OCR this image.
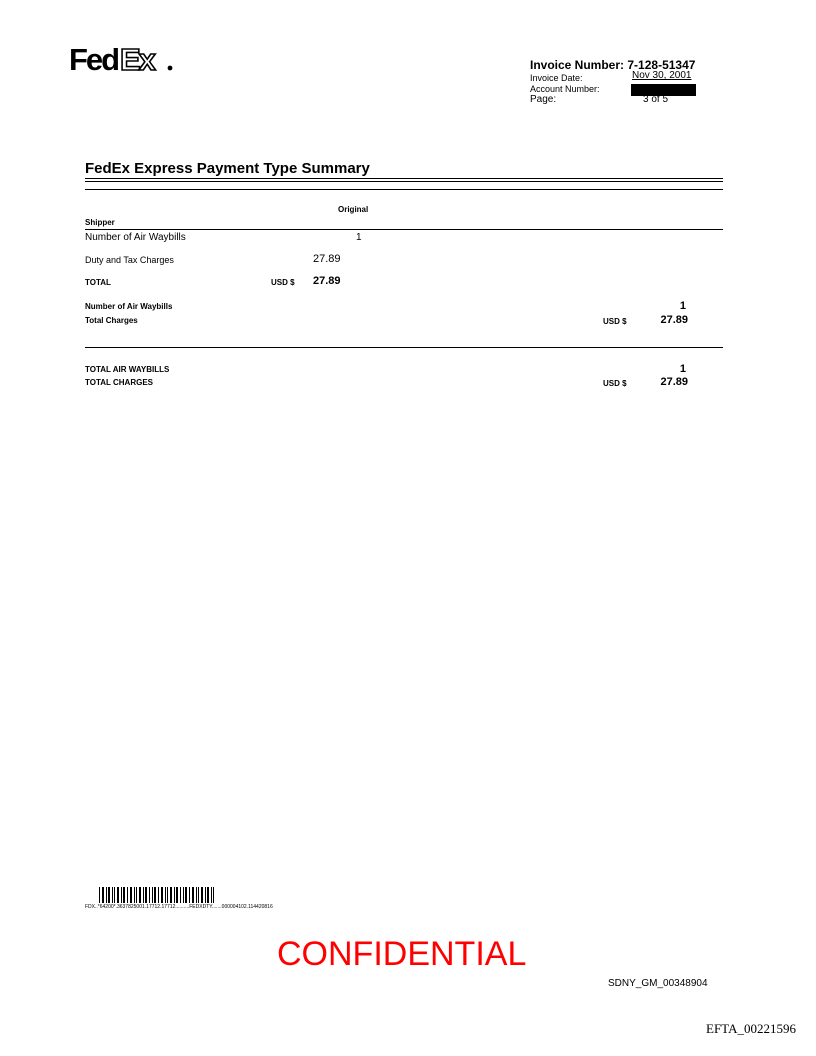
Fed Ex	Invoice Number: 7-128-51347
Invoice Date:	Nov 30, 2001
Account Number:
Page:	3 of 5
FedEx Express Payment Type Summary
Original
Shipper
Number of Air Waybills	1
Duty and Tax Charges	27.89
TOTAL	USD $ 27.89
Number of Air Waybills	1
Total Charges	USD $	27.89
TOTAL AIR WAYBILLS	1
TOTAL CHARGES	USD $	27.89
FDX..*64200*.3637825001.17712.17712..........FEDXDTY.......000004102.114420816
CONFIDENTIAL
SDNY_GM_00348904
EFTA_00221596
